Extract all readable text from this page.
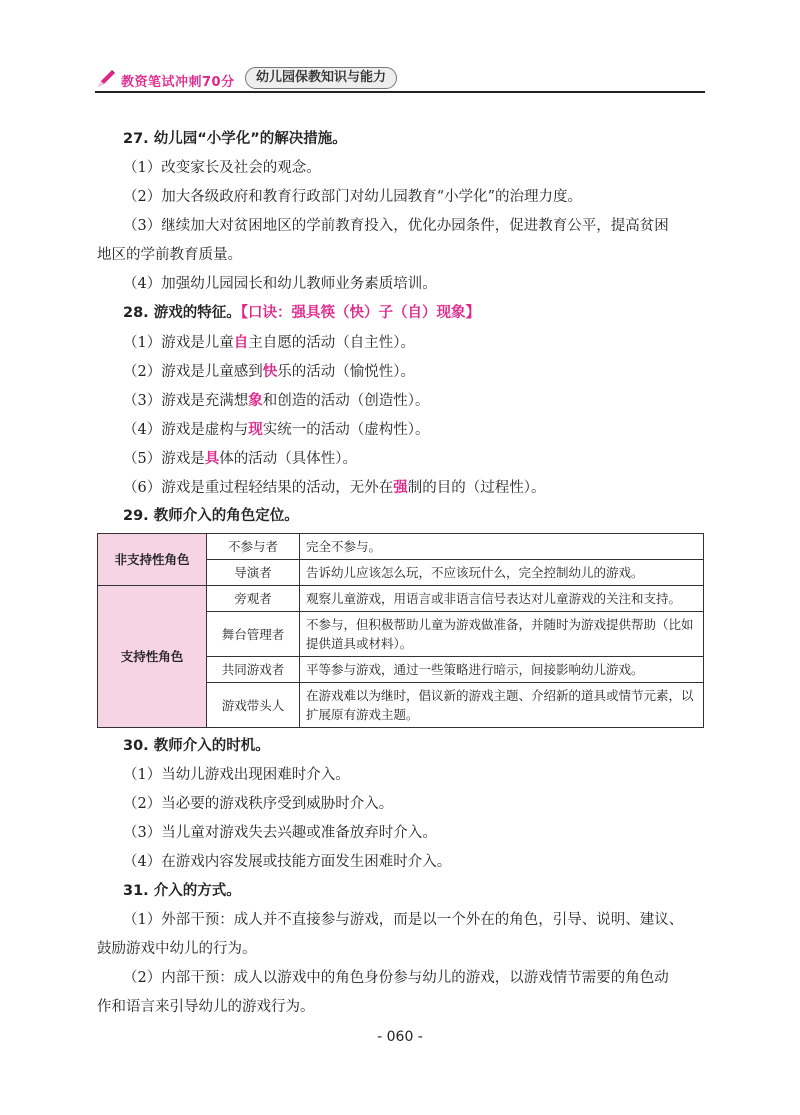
教资笔试冲刺70分	幼儿园保教知识与能力
27. 幼儿园“小学化”的解决措施。
（1）改变家长及社会的观念。
（2）加大各级政府和教育行政部门对幼儿园教育“小学化”的治理力度。
（3）继续加大对贫困地区的学前教育投入，优化办园条件，促进教育公平，提高贫困
地区的学前教育质量。
（4）加强幼儿园园长和幼儿教师业务素质培训。
28. 游戏的特征。【口诀：强具筷（快）子（自）现象】
（1）游戏是儿童自主自愿的活动（自主性）。
（2）游戏是儿童感到快乐的活动（愉悦性）。
（3）游戏是充满想象和创造的活动（创造性）。
（4）游戏是虚构与现实统一的活动（虚构性）。
（5）游戏是具体的活动（具体性）。
（6）游戏是重过程轻结果的活动，无外在强制的目的（过程性）。
29. 教师介入的角色定位。
非支持性角色	不参与者	完全不参与。
	导演者	告诉幼儿应该怎么玩，不应该玩什么，完全控制幼儿的游戏。
支持性角色	旁观者	观察儿童游戏，用语言或非语言信号表达对儿童游戏的关注和支持。
	舞台管理者	不参与，但积极帮助儿童为游戏做准备，并随时为游戏提供帮助（比如提供道具或材料）。
	共同游戏者	平等参与游戏，通过一些策略进行暗示，间接影响幼儿游戏。
	游戏带头人	在游戏难以为继时，倡议新的游戏主题、介绍新的道具或情节元素，以扩展原有游戏主题。
30. 教师介入的时机。
（1）当幼儿游戏出现困难时介入。
（2）当必要的游戏秩序受到威胁时介入。
（3）当儿童对游戏失去兴趣或准备放弃时介入。
（4）在游戏内容发展或技能方面发生困难时介入。
31. 介入的方式。
（1）外部干预：成人并不直接参与游戏，而是以一个外在的角色，引导、说明、建议、
鼓励游戏中幼儿的行为。
（2）内部干预：成人以游戏中的角色身份参与幼儿的游戏，以游戏情节需要的角色动
作和语言来引导幼儿的游戏行为。
- 060 -
